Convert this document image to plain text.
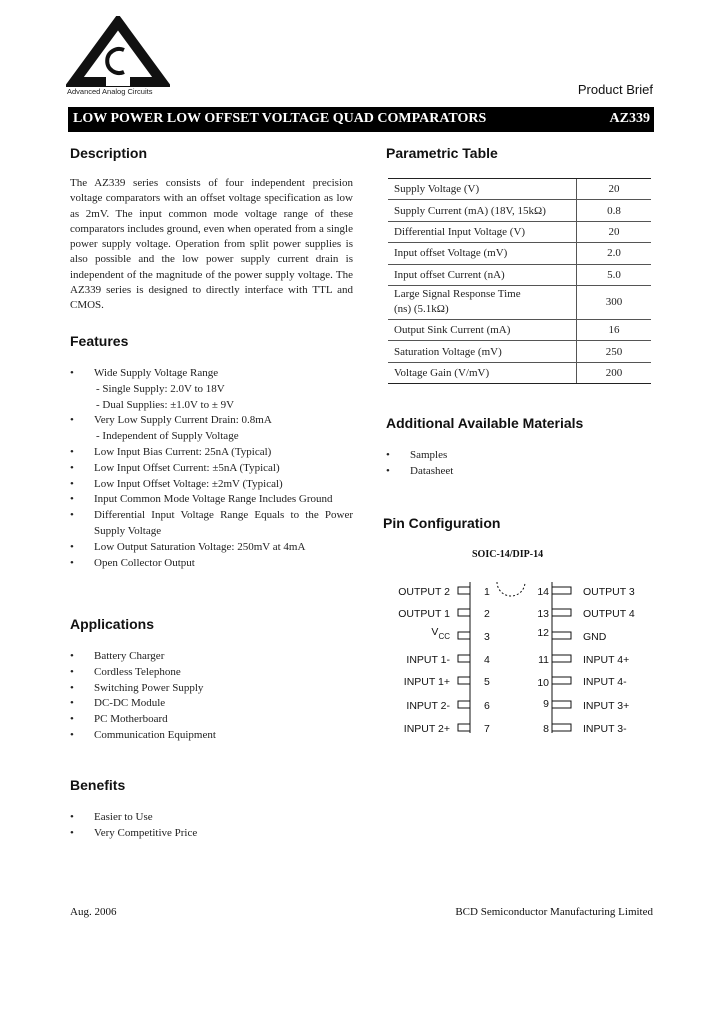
Advanced Analog Circuits	Product Brief
LOW POWER LOW OFFSET VOLTAGE QUAD COMPARATORS	AZ339
Description
The AZ339 series consists of four independent precision voltage comparators with an offset voltage specification as low as 2mV. The input common mode voltage range of these comparators includes ground, even when operated from a single power supply voltage. Operation from split power supplies is also possible and the low power supply current drain is independent of the magnitude of the power supply voltage. The AZ339 series is designed to directly interface with TTL and CMOS.
Features
• Wide Supply Voltage Range
- Single Supply: 2.0V to 18V
- Dual Supplies: ±1.0V to ± 9V
• Very Low Supply Current Drain: 0.8mA
- Independent of Supply Voltage
• Low Input Bias Current: 25nA (Typical)
• Low Input Offset Current: ±5nA (Typical)
• Low Input Offset Voltage: ±2mV (Typical)
• Input Common Mode Voltage Range Includes Ground
• Differential Input Voltage Range Equals to the Power Supply Voltage
• Low Output Saturation Voltage: 250mV at 4mA
• Open Collector Output
Applications
• Battery Charger
• Cordless Telephone
• Switching Power Supply
• DC-DC Module
• PC Motherboard
• Communication Equipment
Benefits
• Easier to Use
• Very Competitive Price
Parametric Table
Supply Voltage (V)	20
Supply Current (mA) (18V, 15kΩ)	0.8
Differential Input Voltage (V)	20
Input offset Voltage (mV)	2.0
Input offset Current (nA)	5.0
Large Signal Response Time
(ns) (5.1kΩ)	300
Output Sink Current (mA)	16
Saturation Voltage (mV)	250
Voltage Gain (V/mV)	200
Additional Available Materials
• Samples
• Datasheet
Pin Configuration
SOIC-14/DIP-14
OUTPUT 2	1
OUTPUT 1	2
$V_{CC}$	3
INPUT 1-	4
INPUT 1+	5
INPUT 2-	6
INPUT 2+	7
OUTPUT 3
14
OUTPUT 4
13
GND
12
INPUT 4+
11
INPUT 4-
10
INPUT 3+
9
INPUT 3-
8
Aug. 2006	BCD Semiconductor Manufacturing Limited
